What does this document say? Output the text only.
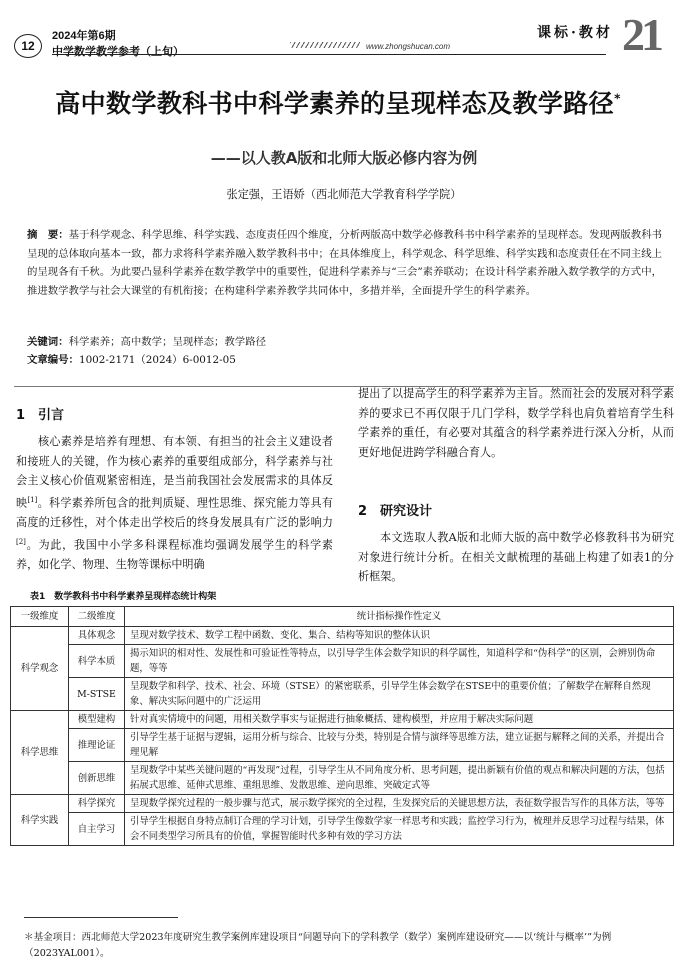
12
2024年第6期
中学数学教学参考（上旬）	www.zhongshucan.com
课标·教材 21
高中数学教科书中科学素养的呈现样态及教学路径*
——以人教A版和北师大版必修内容为例
张定强，王语娇（西北师范大学教育科学学院）
摘　要：基于科学观念、科学思维、科学实践、态度责任四个维度，分析两版高中数学必修教科书中科学素养的呈现样态。发现两版教科书呈现的总体取向基本一致，都力求将科学素养融入数学教科书中；在具体维度上，科学观念、科学思维、科学实践和态度责任在不同主线上的呈现各有千秋。为此要凸显科学素养在数学教学中的重要性，促进科学素养与“三会”素养联动；在设计科学素养融入数学教学的方式中，推进数学教学与社会大课堂的有机衔接；在构建科学素养教学共同体中，多措并举，全面提升学生的科学素养。
关键词：科学素养；高中数学；呈现样态；教学路径
文章编号：1002-2171（2024）6-0012-05
1　引言
核心素养是培养有理想、有本领、有担当的社会主义建设者和接班人的关键，作为核心素养的重要组成部分，科学素养与社会主义核心价值观紧密相连，是当前我国社会发展需求的具体反映[1]。科学素养所包含的批判质疑、理性思维、探究能力等具有高度的迁移性，对个体走出学校后的终身发展具有广泛的影响力[2]。为此，我国中小学多科课程标准均强调发展学生的科学素养，如化学、物理、生物等课标中明确
提出了以提高学生的科学素养为主旨。然而社会的发展对科学素养的要求已不再仅限于几门学科，数学学科也肩负着培育学生科学素养的重任，有必要对其蕴含的科学素养进行深入分析，从而更好地促进跨学科融合育人。
2　研究设计
本文选取人教A版和北师大版的高中数学必修教科书为研究对象进行统计分析。在相关文献梳理的基础上构建了如表1的分析框架。
表1　数学教科书中科学素养呈现样态统计构架
一级维度	二级维度	统计指标操作性定义
科学观念	具体观念	呈现对数学技术、数学工程中函数、变化、集合、结构等知识的整体认识
	科学本质	揭示知识的相对性、发展性和可验证性等特点，以引导学生体会数学知识的科学属性，知道科学和“伪科学”的区别，会辨别伪命题，等等
	M-STSE	呈现数学和科学、技术、社会、环境（STSE）的紧密联系，引导学生体会数学在STSE中的重要价值；了解数学在解释自然现象、解决实际问题中的广泛运用
科学思维	模型建构	针对真实情境中的问题，用相关数学事实与证据进行抽象概括、建构模型，并应用于解决实际问题
	推理论证	引导学生基于证据与逻辑，运用分析与综合、比较与分类，特别是合情与演绎等思维方法，建立证据与解释之间的关系，并提出合理见解
	创新思维	呈现数学中某些关键问题的“再发现”过程，引导学生从不同角度分析、思考问题，提出新颖有价值的观点和解决问题的方法，包括拓展式思维、延伸式思维、重组思维、发散思维、逆向思维、突破定式等
科学实践	科学探究	呈现数学探究过程的一般步骤与范式，展示数学探究的全过程，生发探究后的关键思想方法，表征数学报告写作的具体方法，等等
	自主学习	引导学生根据自身特点制订合理的学习计划，引导学生像数学家一样思考和实践；监控学习行为，梳理并反思学习过程与结果，体会不同类型学习所具有的价值，掌握智能时代多种有效的学习方法
＊基金项目：西北师范大学2023年度研究生教学案例库建设项目“问题导向下的学科教学（数学）案例库建设研究——以‘统计与概率’”为例（2023YAL001）。
